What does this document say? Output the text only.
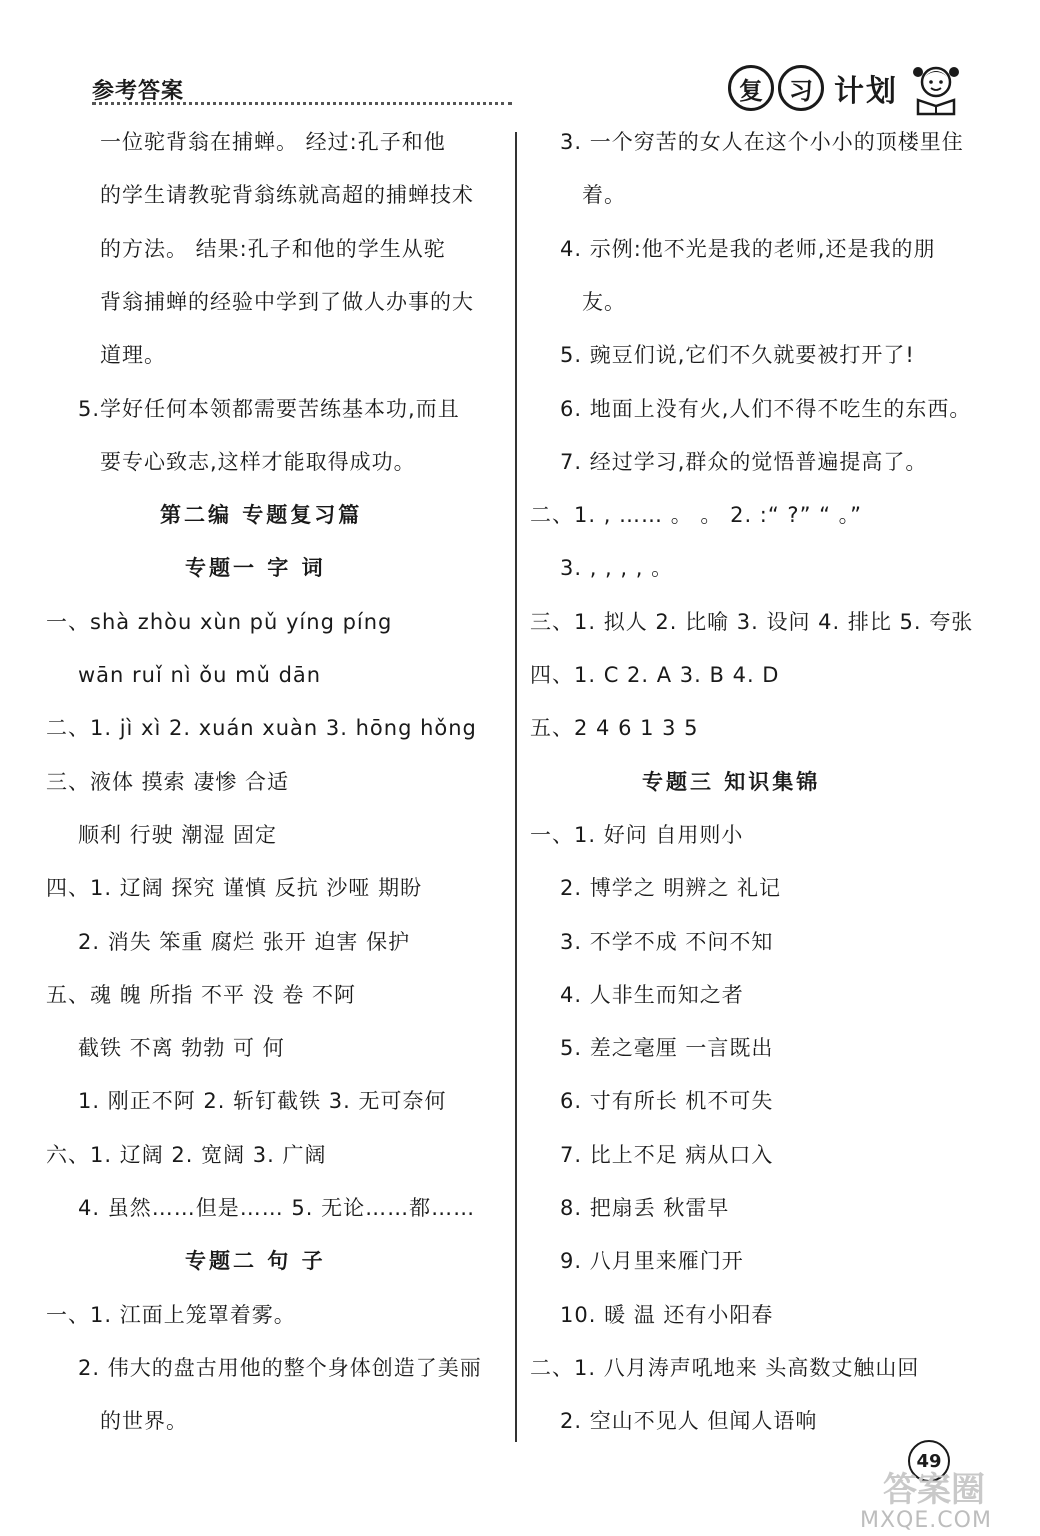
参考答案	复	习 计划
一位驼背翁在捕蝉。 经过:孔子和他
的学生请教驼背翁练就高超的捕蝉技术
的方法。 结果:孔子和他的学生从驼
背翁捕蝉的经验中学到了做人办事的大
道理。
5.学好任何本领都需要苦练基本功,而且
要专心致志,这样才能取得成功。
第二编 专题复习篇
专题一 字 词
一、shà zhòu xùn pǔ yíng píng
wān ruǐ nì ǒu mǔ dān
二、1. jì xì 2. xuán xuàn 3. hōng hǒng
三、液体 摸索 凄惨 合适
顺利 行驶 潮湿 固定
四、1. 辽阔 探究 谨慎 反抗 沙哑 期盼
2. 消失 笨重 腐烂 张开 迫害 保护
五、魂 魄 所指 不平 没 卷 不阿
截铁 不离 勃勃 可 何
1. 刚正不阿 2. 斩钉截铁 3. 无可奈何
六、1. 辽阔 2. 宽阔 3. 广阔
4. 虽然……但是…… 5. 无论……都……
专题二 句 子
一、1. 江面上笼罩着雾。
2. 伟大的盘古用他的整个身体创造了美丽
的世界。
3. 一个穷苦的女人在这个小小的顶楼里住
着。
4. 示例:他不光是我的老师,还是我的朋
友。
5. 豌豆们说,它们不久就要被打开了!
6. 地面上没有火,人们不得不吃生的东西。
7. 经过学习,群众的觉悟普遍提高了。
二、1. , …… 。 。 2. :“ ?” “ 。”
3. , , , , 。
三、1. 拟人 2. 比喻 3. 设问 4. 排比 5. 夸张
四、1. C 2. A 3. B 4. D
五、2 4 6 1 3 5
专题三 知识集锦
一、1. 好问 自用则小
2. 博学之 明辨之 礼记
3. 不学不成 不问不知
4. 人非生而知之者
5. 差之毫厘 一言既出
6. 寸有所长 机不可失
7. 比上不足 病从口入
8. 把扇丢 秋雷早
9. 八月里来雁门开
10. 暖 温 还有小阳春
二、1. 八月涛声吼地来 头高数丈触山回
2. 空山不见人 但闻人语响
49
答案圈
MXQE.COM
